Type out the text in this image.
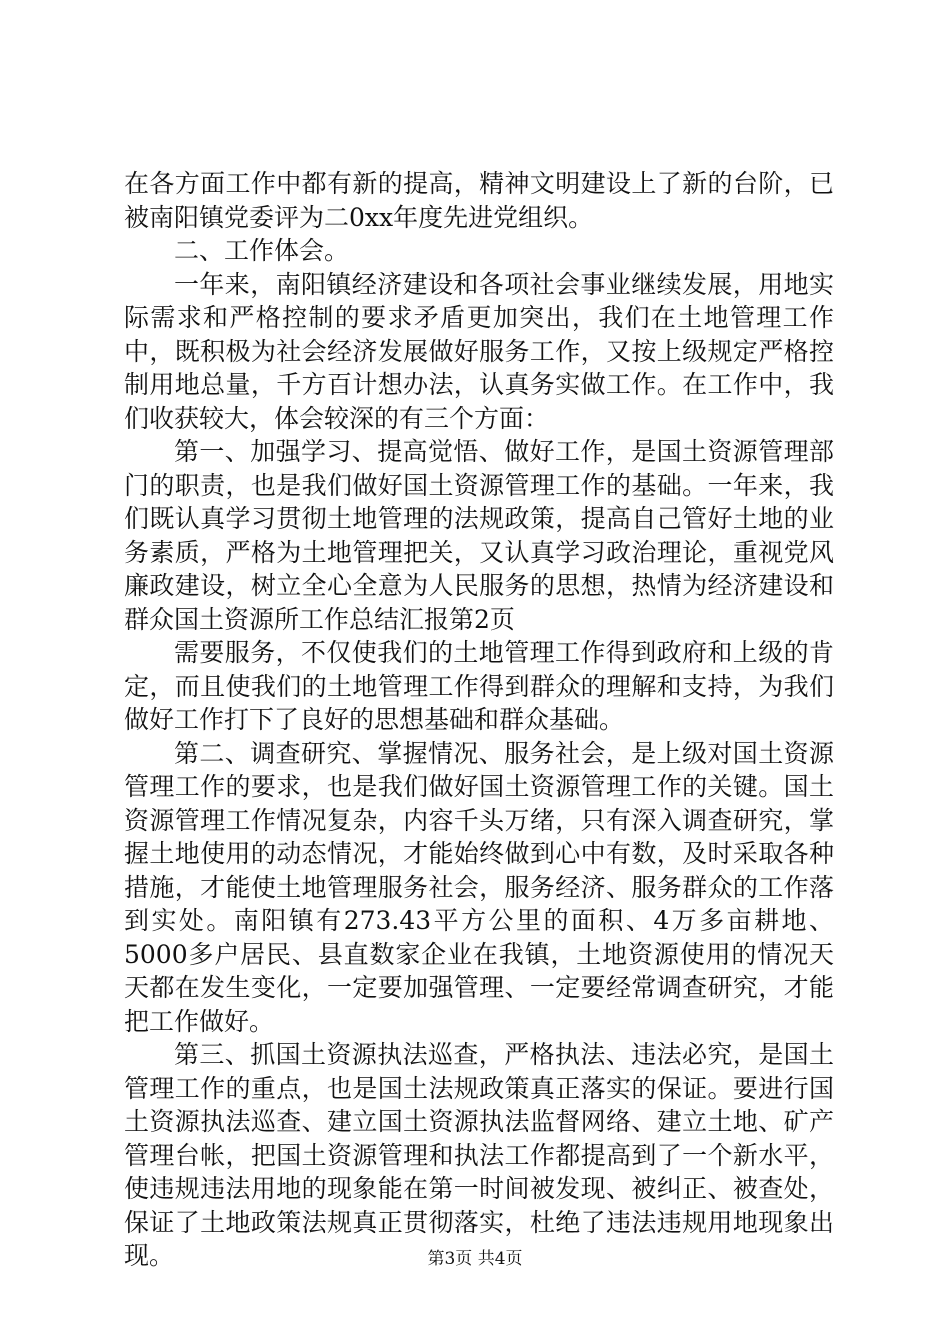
在各方面工作中都有新的提高，精神文明建设上了新的台阶，已被南阳镇党委评为二0xx年度先进党组织。

二、工作体会。

一年来，南阳镇经济建设和各项社会事业继续发展，用地实际需求和严格控制的要求矛盾更加突出，我们在土地管理工作中，既积极为社会经济发展做好服务工作，又按上级规定严格控制用地总量，千方百计想办法，认真务实做工作。在工作中，我们收获较大，体会较深的有三个方面：

第一、加强学习、提高觉悟、做好工作，是国土资源管理部门的职责，也是我们做好国土资源管理工作的基础。一年来，我们既认真学习贯彻土地管理的法规政策，提高自己管好土地的业务素质，严格为土地管理把关，又认真学习政治理论，重视党风廉政建设，树立全心全意为人民服务的思想，热情为经济建设和群众国土资源所工作总结汇报第2页

需要服务，不仅使我们的土地管理工作得到政府和上级的肯定，而且使我们的土地管理工作得到群众的理解和支持，为我们做好工作打下了良好的思想基础和群众基础。

第二、调查研究、掌握情况、服务社会，是上级对国土资源管理工作的要求，也是我们做好国土资源管理工作的关键。国土资源管理工作情况复杂，内容千头万绪，只有深入调查研究，掌握土地使用的动态情况，才能始终做到心中有数，及时采取各种措施，才能使土地管理服务社会，服务经济、服务群众的工作落到实处。南阳镇有273.43平方公里的面积、4万多亩耕地、5000多户居民、县直数家企业在我镇，土地资源使用的情况天天都在发生变化，一定要加强管理、一定要经常调查研究，才能把工作做好。

第三、抓国土资源执法巡查，严格执法、违法必究，是国土管理工作的重点，也是国土法规政策真正落实的保证。要进行国土资源执法巡查、建立国土资源执法监督网络、建立土地、矿产管理台帐，把国土资源管理和执法工作都提高到了一个新水平，使违规违法用地的现象能在第一时间被发现、被纠正、被查处，保证了土地政策法规真正贯彻落实，杜绝了违法违规用地现象出现。	第3页 共4页
